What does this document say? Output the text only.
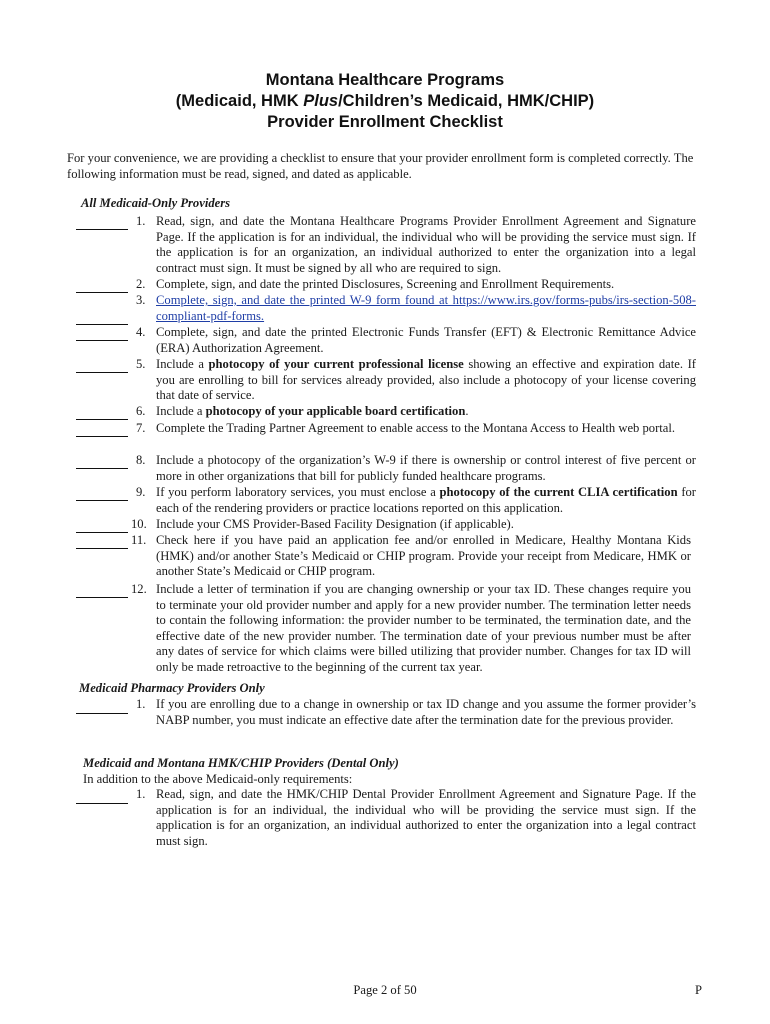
Montana Healthcare Programs
(Medicaid, HMK Plus/Children’s Medicaid, HMK/CHIP)
Provider Enrollment Checklist
For your convenience, we are providing a checklist to ensure that your provider enrollment form is completed correctly. The following information must be read, signed, and dated as applicable.
All Medicaid-Only Providers
1. Read, sign, and date the Montana Healthcare Programs Provider Enrollment Agreement and Signature Page. If the application is for an individual, the individual who will be providing the service must sign. If the application is for an organization, an individual authorized to enter the organization into a legal contract must sign. It must be signed by all who are required to sign.
2. Complete, sign, and date the printed Disclosures, Screening and Enrollment Requirements.
3. Complete, sign, and date the printed W-9 form found at https://www.irs.gov/forms-pubs/irs-section-508-compliant-pdf-forms.
4. Complete, sign, and date the printed Electronic Funds Transfer (EFT) & Electronic Remittance Advice (ERA) Authorization Agreement.
5. Include a photocopy of your current professional license showing an effective and expiration date. If you are enrolling to bill for services already provided, also include a photocopy of your license covering that date of service.
6. Include a photocopy of your applicable board certification.
7. Complete the Trading Partner Agreement to enable access to the Montana Access to Health web portal.
8. Include a photocopy of the organization’s W-9 if there is ownership or control interest of five percent or more in other organizations that bill for publicly funded healthcare programs.
9. If you perform laboratory services, you must enclose a photocopy of the current CLIA certification for each of the rendering providers or practice locations reported on this application.
10. Include your CMS Provider-Based Facility Designation (if applicable).
11. Check here if you have paid an application fee and/or enrolled in Medicare, Healthy Montana Kids (HMK) and/or another State’s Medicaid or CHIP program. Provide your receipt from Medicare, HMK or another State’s Medicaid or CHIP program.
12. Include a letter of termination if you are changing ownership or your tax ID. These changes require you to terminate your old provider number and apply for a new provider number. The termination letter needs to contain the following information: the provider number to be terminated, the termination date, and the effective date of the new provider number. The termination date of your previous number must be after any dates of service for which claims were billed utilizing that provider number. Changes for tax ID will only be made retroactive to the beginning of the current tax year.
Medicaid Pharmacy Providers Only
1. If you are enrolling due to a change in ownership or tax ID change and you assume the former provider’s NABP number, you must indicate an effective date after the termination date for the previous provider.
Medicaid and Montana HMK/CHIP Providers (Dental Only)
In addition to the above Medicaid-only requirements:
1. Read, sign, and date the HMK/CHIP Dental Provider Enrollment Agreement and Signature Page. If the application is for an individual, the individual who will be providing the service must sign. If the application is for an organization, an individual authorized to enter the organization into a legal contract must sign.
Page 2 of 50	P
